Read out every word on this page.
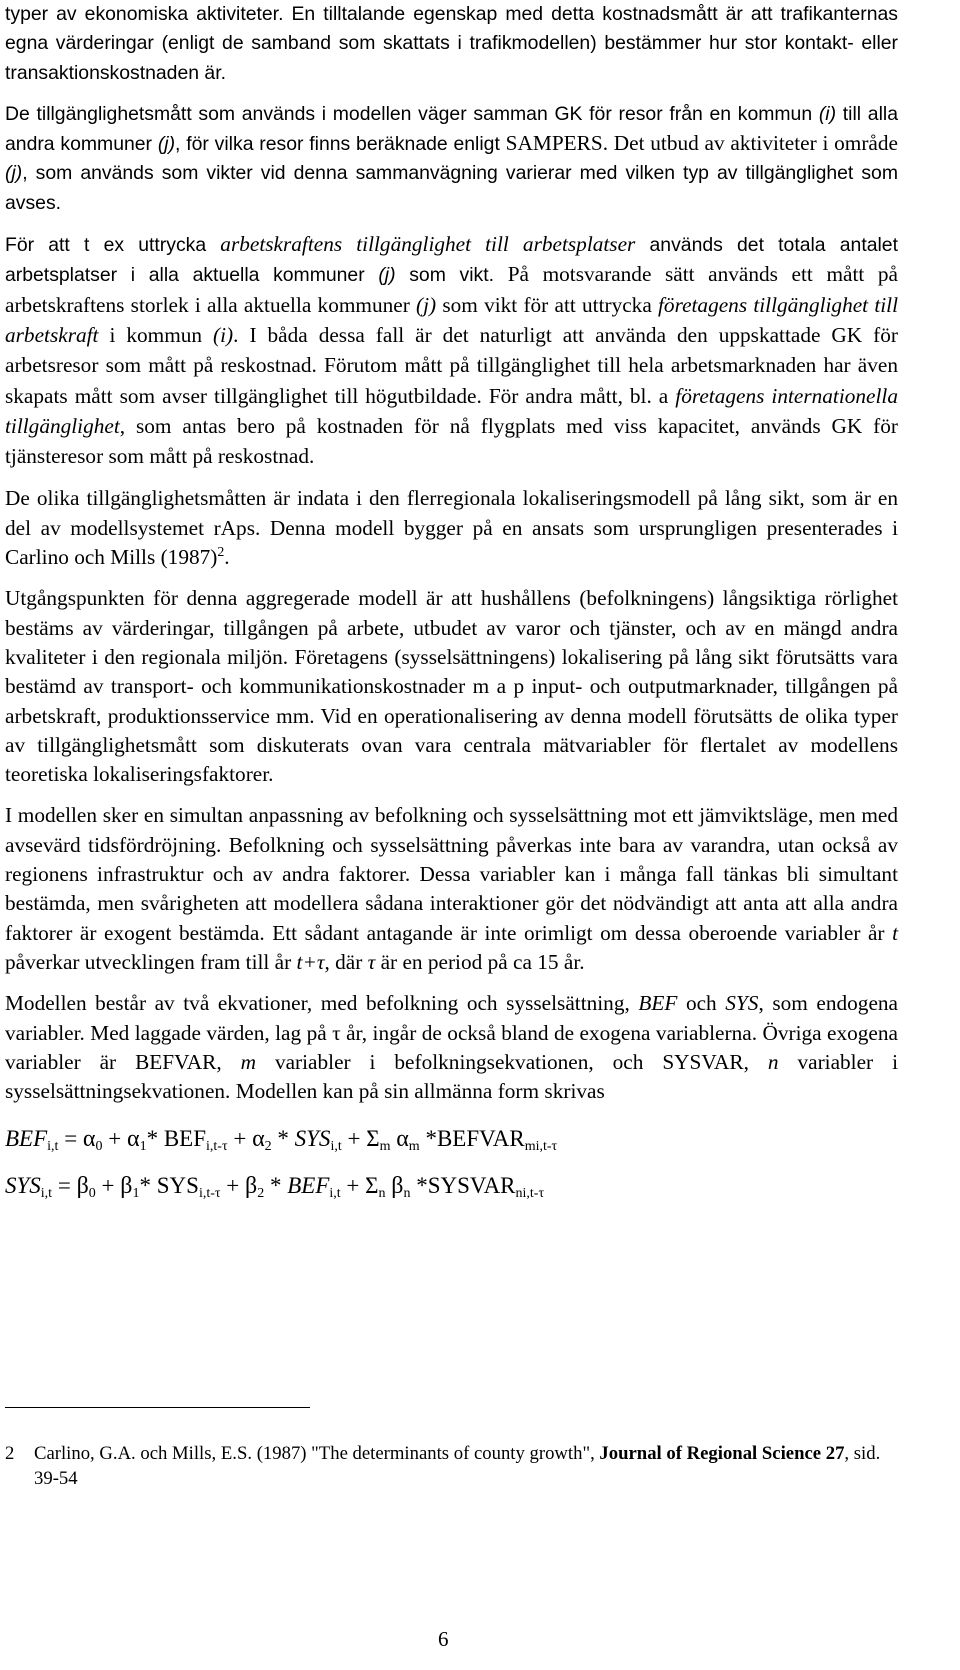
typer av ekonomiska aktiviteter. En tilltalande egenskap med detta kostnadsmått är att trafikanternas egna värderingar (enligt de samband som skattats i trafikmodellen) bestämmer hur stor kontakt- eller transaktionskostnaden är.

De tillgänglighetsmått som används i modellen väger samman GK för resor från en kommun (i) till alla andra kommuner (j), för vilka resor finns beräknade enligt SAMPERS. Det utbud av aktiviteter i område (j), som används som vikter vid denna sammanvägning varierar med vilken typ av tillgänglighet som avses.

För att t ex uttrycka arbetskraftens tillgänglighet till arbetsplatser används det totala antalet arbetsplatser i alla aktuella kommuner (j) som vikt. På motsvarande sätt används ett mått på arbetskraftens storlek i alla aktuella kommuner (j) som vikt för att uttrycka företagens tillgänglighet till arbetskraft i kommun (i). I båda dessa fall är det naturligt att använda den uppskattade GK för arbetsresor som mått på reskostnad. Förutom mått på tillgänglighet till hela arbetsmarknaden har även skapats mått som avser tillgänglighet till högutbildade. För andra mått, bl. a företagens internationella tillgänglighet, som antas bero på kostnaden för nå flygplats med viss kapacitet, används GK för tjänsteresor som mått på reskostnad.

De olika tillgänglighetsmåtten är indata i den flerregionala lokaliseringsmodell på lång sikt, som är en del av modellsystemet rAps. Denna modell bygger på en ansats som ursprungligen presenterades i Carlino och Mills $(1987)^2$.

Utgångspunkten för denna aggregerade modell är att hushållens (befolkningens) långsiktiga rörlighet bestäms av värderingar, tillgången på arbete, utbudet av varor och tjänster, och av en mängd andra kvaliteter i den regionala miljön. Företagens (sysselsättningens) lokalisering på lång sikt förutsätts vara bestämd av transport- och kommunikationskostnader m a p input- och outputmarknader, tillgången på arbetskraft, produktionsservice mm. Vid en operationalisering av denna modell förutsätts de olika typer av tillgänglighetsmått som diskuterats ovan vara centrala mätvariabler för flertalet av modellens teoretiska lokaliseringsfaktorer.

I modellen sker en simultan anpassning av befolkning och sysselsättning mot ett jämviktsläge, men med avsevärd tidsfördröjning. Befolkning och sysselsättning påverkas inte bara av varandra, utan också av regionens infrastruktur och av andra faktorer. Dessa variabler kan i många fall tänkas bli simultant bestämda, men svårigheten att modellera sådana interaktioner gör det nödvändigt att anta att alla andra faktorer är exogent bestämda. Ett sådant antagande är inte orimligt om dessa oberoende variabler år t påverkar utvecklingen fram till år t+τ, där τ är en period på ca 15 år.

Modellen består av två ekvationer, med befolkning och sysselsättning, BEF och SYS, som endogena variabler. Med laggade värden, lag på τ år, ingår de också bland de exogena variablerna. Övriga exogena variabler är BEFVAR, m variabler i befolkningsekvationen, och SYSVAR, n variabler i sysselsättningsekvationen. Modellen kan på sin allmänna form skrivas

$BEF_{i,t} = \alpha_0 + \alpha_1*$ $BEF_{i,t-\tau} + \alpha_2 * SYS_{i,t} + \Sigma_m$ $\alpha_m$ $*BEFVAR_{mi,t-\tau}$
$SYS_{i,t} = \beta_0 + \beta_1*$ $SYS_{i,t-\tau} + \beta_2 * BEF_{i,t} + \Sigma_n$ $\beta_n$ $*SYSVAR_{ni,t-\tau}$
2 Carlino, G.A. och Mills, E.S. (1987) "The determinants of county growth", Journal of Regional Science 27, sid. 39-54
6
